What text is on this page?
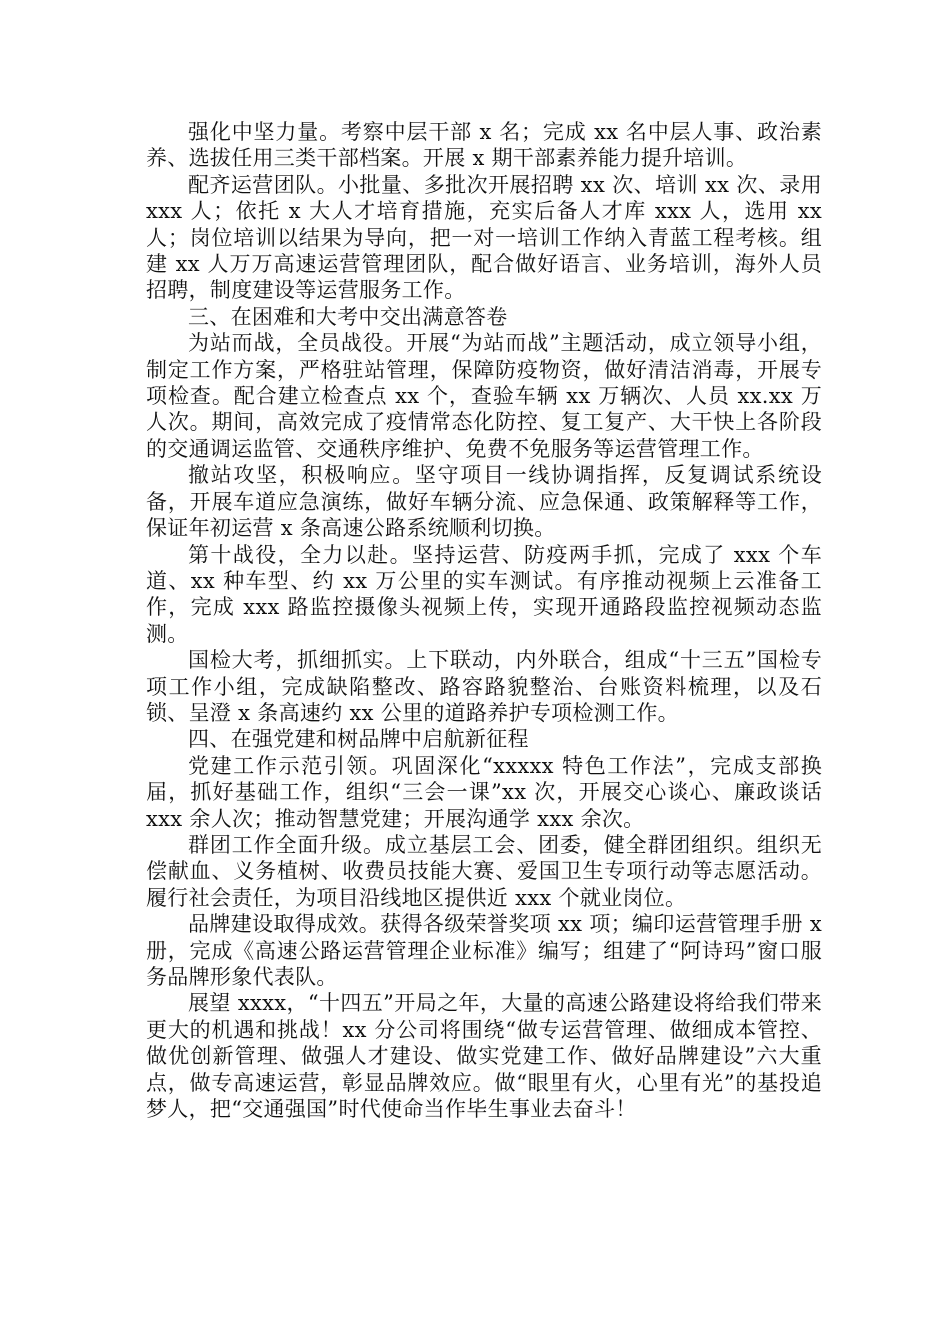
强化中坚力量。考察中层干部 x 名；完成 xx 名中层人事、政治素养、选拔任用三类干部档案。开展 x 期干部素养能力提升培训。

配齐运营团队。小批量、多批次开展招聘 xx 次、培训 xx 次、录用 xxx 人；依托 x 大人才培育措施，充实后备人才库 xxx 人，选用 xx 人；岗位培训以结果为导向，把一对一培训工作纳入青蓝工程考核。组建 xx 人万万高速运营管理团队，配合做好语言、业务培训，海外人员招聘，制度建设等运营服务工作。

三、在困难和大考中交出满意答卷

为站而战，全员战役。开展“为站而战”主题活动，成立领导小组，制定工作方案，严格驻站管理，保障防疫物资，做好清洁消毒，开展专项检查。配合建立检查点 xx 个，查验车辆 xx 万辆次、人员 xx.xx 万人次。期间，高效完成了疫情常态化防控、复工复产、大干快上各阶段的交通调运监管、交通秩序维护、免费不免服务等运营管理工作。

撤站攻坚，积极响应。坚守项目一线协调指挥，反复调试系统设备，开展车道应急演练，做好车辆分流、应急保通、政策解释等工作，保证年初运营 x 条高速公路系统顺利切换。

第十战役，全力以赴。坚持运营、防疫两手抓，完成了 xxx 个车道、xx 种车型、约 xx 万公里的实车测试。有序推动视频上云准备工作，完成 xxx 路监控摄像头视频上传，实现开通路段监控视频动态监测。

国检大考，抓细抓实。上下联动，内外联合，组成“十三五”国检专项工作小组，完成缺陷整改、路容路貌整治、台账资料梳理，以及石锁、呈澄 x 条高速约 xx 公里的道路养护专项检测工作。

四、在强党建和树品牌中启航新征程

党建工作示范引领。巩固深化“xxxxx 特色工作法”，完成支部换届，抓好基础工作，组织“三会一课”xx 次，开展交心谈心、廉政谈话 xxx 余人次；推动智慧党建；开展沟通学 xxx 余次。

群团工作全面升级。成立基层工会、团委，健全群团组织。组织无偿献血、义务植树、收费员技能大赛、爱国卫生专项行动等志愿活动。履行社会责任，为项目沿线地区提供近 xxx 个就业岗位。

品牌建设取得成效。获得各级荣誉奖项 xx 项；编印运营管理手册 x 册，完成《高速公路运营管理企业标准》编写；组建了“阿诗玛”窗口服务品牌形象代表队。

展望 xxxx，“十四五”开局之年，大量的高速公路建设将给我们带来更大的机遇和挑战！xx 分公司将围绕“做专运营管理、做细成本管控、做优创新管理、做强人才建设、做实党建工作、做好品牌建设”六大重点，做专高速运营，彰显品牌效应。做“眼里有火，心里有光”的基投追梦人，把“交通强国”时代使命当作毕生事业去奋斗！
